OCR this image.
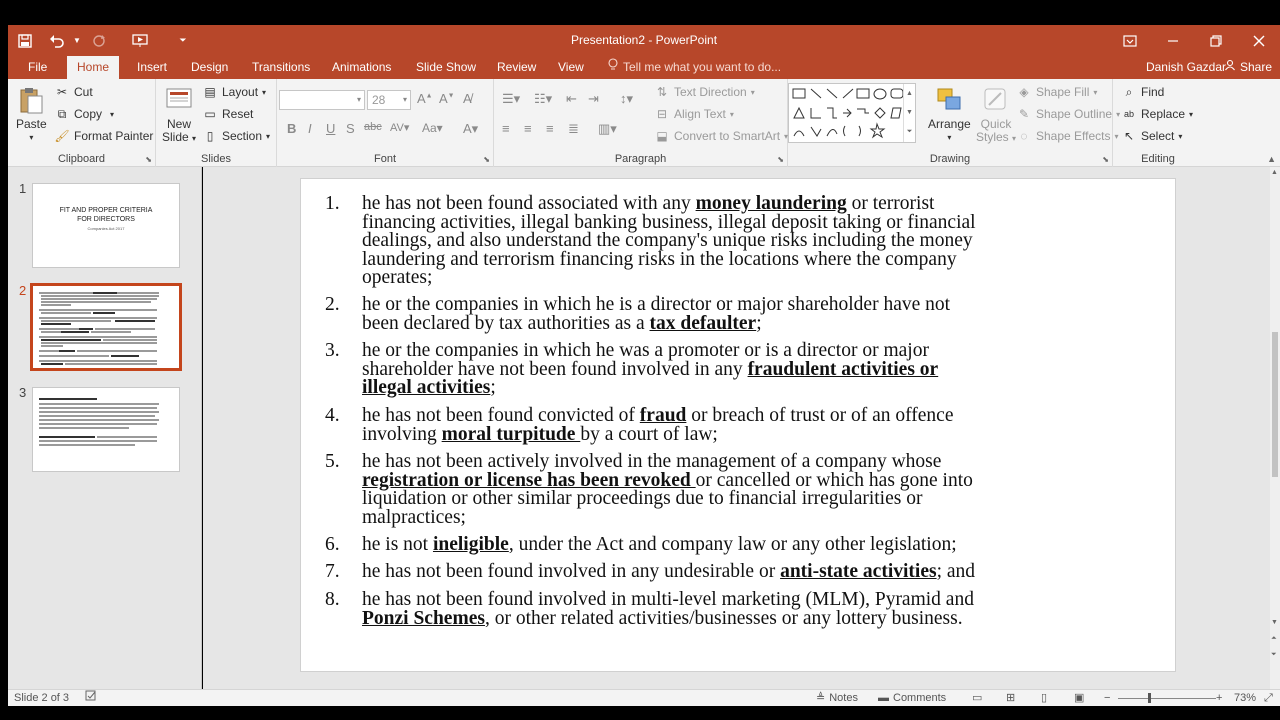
▼	⏷	Presentation2 - PowerPoint
File	Home	Insert	Design	Transitions	Animations	Slide Show	Review	View	Tell me what you want to do...	Danish Gazdar Share
Paste
▾
✂ Cut
⧉ Copy ▾
🖌 Format Painter
Clipboard	⬊
New
Slide ▾
▤ Layout ▾
▭ Reset
▯ Section ▾
Slides
▾ 28 ▾ A▲ A▼ A̸
B I U S abc AV▾ Aa▾ A▾
Font	⬊
☰▾ ☷▾ ⇤ ⇥ ↕▾
≡ ≡ ≡ ≣ ▥▾
⇅ Text Direction ▾
⊟ Align Text ▾
⬓ Convert to SmartArt ▾
Paragraph	⬊
▲
▼
⏷
Arrange
▾
Quick
Styles ▾
◈ Shape Fill ▾
✎ Shape Outline ▾
◌ Shape Effects ▾
Drawing	⬊
⌕ Find
ab Replace ▾
↖ Select ▾
Editing	▲
1
FIT AND PROPER CRITERIA
FOR DIRECTORS
Companies Act 2017
2
3
▲
▼
⏶
⏷
1. he has not been found associated with any money laundering or terrorist
financing activities, illegal banking business, illegal deposit taking or financial
dealings, and also understand the company's unique risks including the money
laundering and terrorism financing risks in the locations where the company
operates;
2. he or the companies in which he is a director or major shareholder have not
been declared by tax authorities as a tax defaulter;
3. he or the companies in which he was a promoter or is a director or major
shareholder have not been found involved in any fraudulent activities or
illegal activities;
4. he has not been found convicted of fraud or breach of trust or of an offence
involving moral turpitude by a court of law;
5. he has not been actively involved in the management of a company whose
registration or license has been revoked or cancelled or which has gone into
liquidation or other similar proceedings due to financial irregularities or
malpractices;
6. he is not ineligible, under the Act and company law or any other legislation;
7. he has not been found involved in any undesirable or anti-state activities; and
8. he has not been found involved in multi-level marketing (MLM), Pyramid and
Ponzi Schemes, or other related activities/businesses or any lottery business.
Slide 2 of 3	≜ Notes ▬ Comments ▭ ⊞ ▯ ▣ −	+ 73% ⤢
